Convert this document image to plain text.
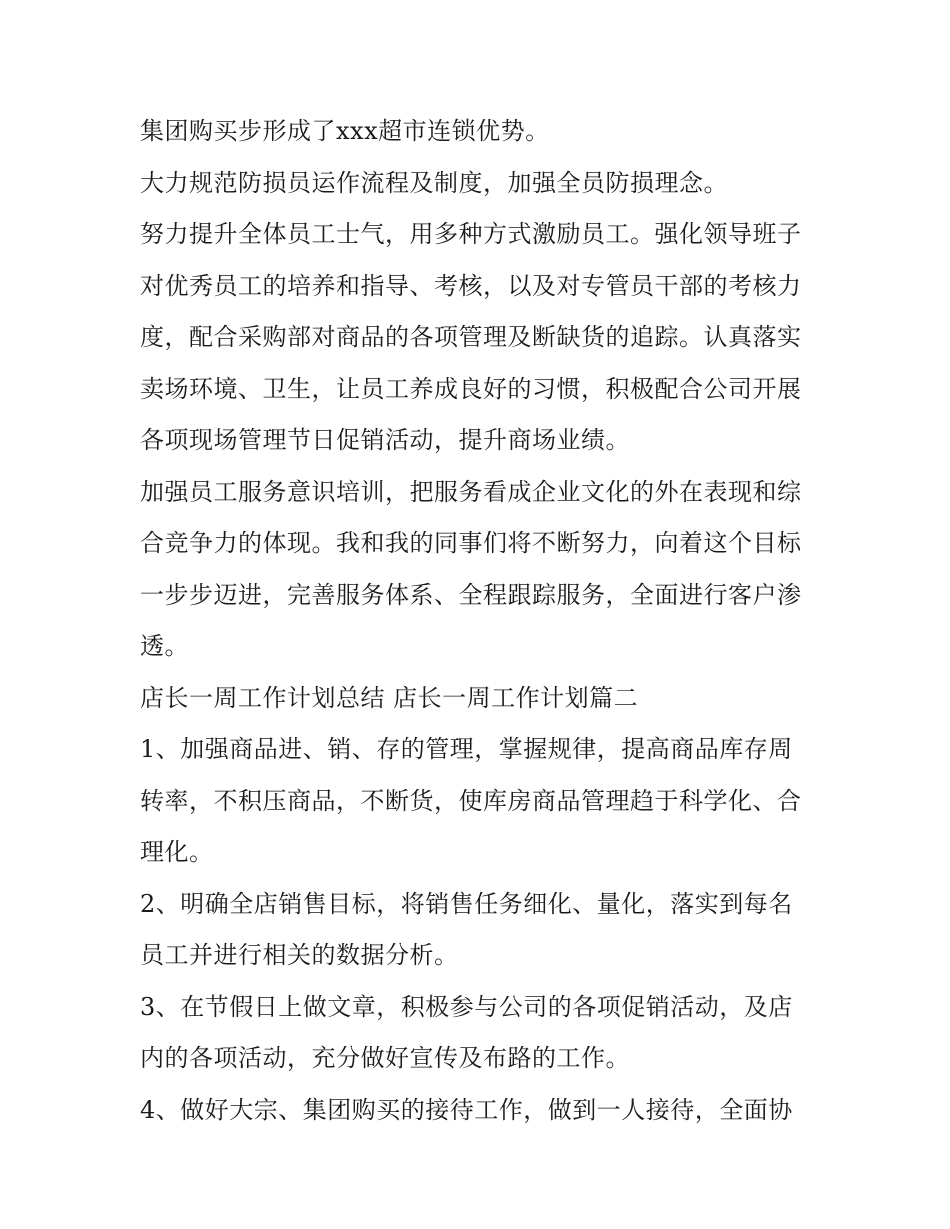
集团购买步形成了xxx超市连锁优势。
大力规范防损员运作流程及制度，加强全员防损理念。
努力提升全体员工士气，用多种方式激励员工。强化领导班子
对优秀员工的培养和指导、考核，以及对专管员干部的考核力
度，配合采购部对商品的各项管理及断缺货的追踪。认真落实
卖场环境、卫生，让员工养成良好的习惯，积极配合公司开展
各项现场管理节日促销活动，提升商场业绩。
加强员工服务意识培训，把服务看成企业文化的外在表现和综
合竞争力的体现。我和我的同事们将不断努力，向着这个目标
一步步迈进，完善服务体系、全程跟踪服务，全面进行客户渗
透。
店长一周工作计划总结 店长一周工作计划篇二
1、加强商品进、销、存的管理，掌握规律，提高商品库存周
转率，不积压商品，不断货，使库房商品管理趋于科学化、合
理化。
2、明确全店销售目标，将销售任务细化、量化，落实到每名
员工并进行相关的数据分析。
3、在节假日上做文章，积极参与公司的各项促销活动，及店
内的各项活动，充分做好宣传及布路的工作。
4、做好大宗、集团购买的接待工作，做到一人接待，全面协
